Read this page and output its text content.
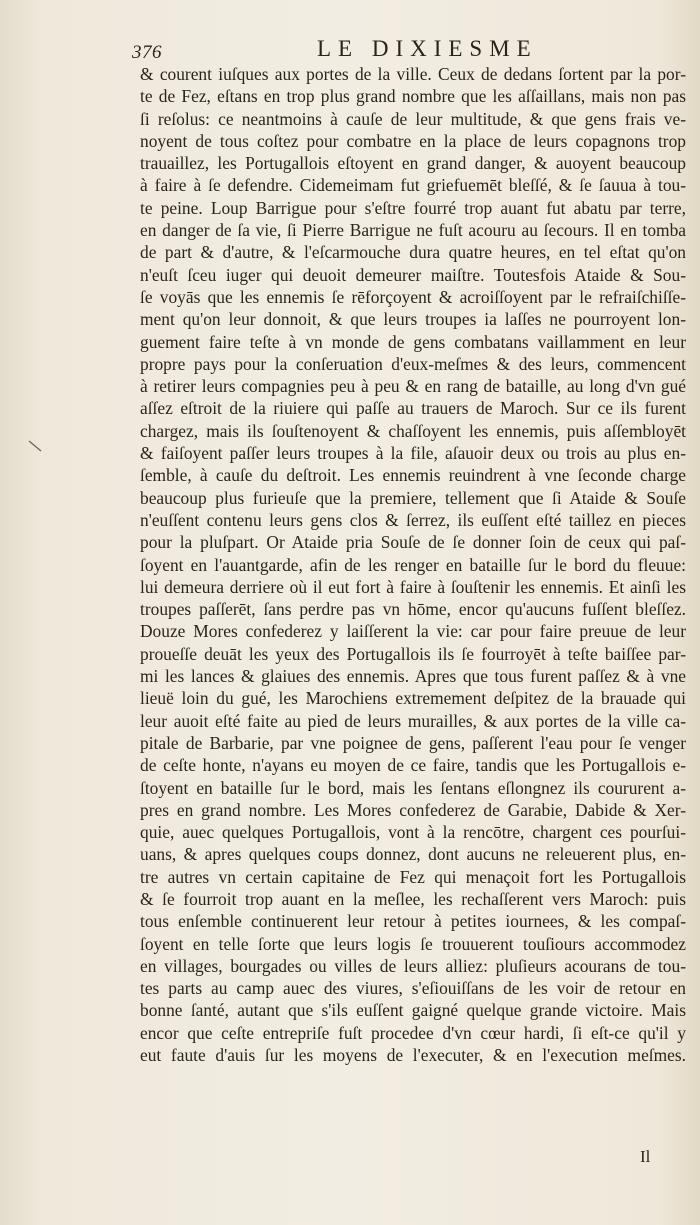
376	LE DIXIESME
& courent iuſques aux portes de la ville. Ceux de dedans ſortent par la por-
te de Fez, eſtans en trop plus grand nombre que les aſſaillans, mais non pas
ſi reſolus: ce neantmoins à cauſe de leur multitude, & que gens frais ve-
noyent de tous coſtez pour combatre en la place de leurs copagnons trop
trauaillez, les Portugallois eſtoyent en grand danger, & auoyent beaucoup
à faire à ſe defendre. Cidemeimam fut griefuemēt bleſſé, & ſe ſauua à tou-
te peine. Loup Barrigue pour s'eſtre fourré trop auant fut abatu par terre,
en danger de ſa vie, ſi Pierre Barrigue ne fuſt acouru au ſecours. Il en tomba
de part & d'autre, & l'eſcarmouche dura quatre heures, en tel eſtat qu'on
n'euſt ſceu iuger qui deuoit demeurer maiſtre. Toutesfois Ataide & Sou-
ſe voyās que les ennemis ſe rēforçoyent & acroiſſoyent par le refraiſchiſſe-
ment qu'on leur donnoit, & que leurs troupes ia laſſes ne pourroyent lon-
guement faire teſte à vn monde de gens combatans vaillamment en leur
propre pays pour la conſeruation d'eux-meſmes & des leurs, commencent
à retirer leurs compagnies peu à peu & en rang de bataille, au long d'vn gué
aſſez eſtroit de la riuiere qui paſſe au trauers de Maroch. Sur ce ils furent
chargez, mais ils ſouſtenoyent & chaſſoyent les ennemis, puis aſſembloyēt
& faiſoyent paſſer leurs troupes à la file, aſauoir deux ou trois au plus en-
ſemble, à cauſe du deſtroit. Les ennemis reuindrent à vne ſeconde charge
beaucoup plus furieuſe que la premiere, tellement que ſi Ataide & Souſe
n'euſſent contenu leurs gens clos & ſerrez, ils euſſent eſté taillez en pieces
pour la pluſpart. Or Ataide pria Souſe de ſe donner ſoin de ceux qui paſ-
ſoyent en l'auantgarde, afin de les renger en bataille ſur le bord du fleuue:
lui demeura derriere où il eut fort à faire à ſouſtenir les ennemis. Et ainſi les
troupes paſſerēt, ſans perdre pas vn hōme, encor qu'aucuns fuſſent bleſſez.
Douze Mores confederez y laiſſerent la vie: car pour faire preuue de leur
proueſſe deuāt les yeux des Portugallois ils ſe fourroyēt à teſte baiſſee par-
mi les lances & glaiues des ennemis. Apres que tous furent paſſez & à vne
lieuë loin du gué, les Marochiens extremement deſpitez de la brauade qui
leur auoit eſté faite au pied de leurs murailles, & aux portes de la ville ca-
pitale de Barbarie, par vne poignee de gens, paſſerent l'eau pour ſe venger
de ceſte honte, n'ayans eu moyen de ce faire, tandis que les Portugallois e-
ſtoyent en bataille ſur le bord, mais les ſentans eſlongnez ils coururent a-
pres en grand nombre. Les Mores confederez de Garabie, Dabide & Xer-
quie, auec quelques Portugallois, vont à la rencōtre, chargent ces pourſui-
uans, & apres quelques coups donnez, dont aucuns ne releuerent plus, en-
tre autres vn certain capitaine de Fez qui menaçoit fort les Portugallois
& ſe fourroit trop auant en la meſlee, les rechaſſerent vers Maroch: puis
tous enſemble continuerent leur retour à petites iournees, & les compaſ-
ſoyent en telle ſorte que leurs logis ſe trouuerent touſiours accommodez
en villages, bourgades ou villes de leurs alliez: pluſieurs acourans de tou-
tes parts au camp auec des viures, s'eſiouiſſans de les voir de retour en
bonne ſanté, autant que s'ils euſſent gaigné quelque grande victoire. Mais
encor que ceſte entrepriſe fuſt procedee d'vn cœur hardi, ſi eſt-ce qu'il y
eut faute d'auis ſur les moyens de l'executer, & en l'execution meſmes.
Il
